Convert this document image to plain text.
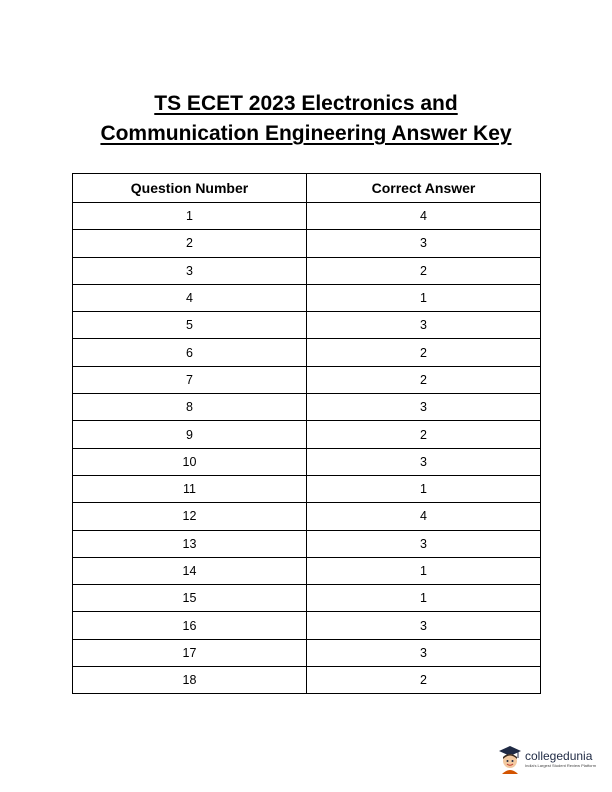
TS ECET 2023 Electronics and
Communication Engineering Answer Key
Question Number	Correct Answer
1	4
2	3
3	2
4	1
5	3
6	2
7	2
8	3
9	2
10	3
11	1
12	4
13	3
14	1
15	1
16	3
17	3
18	2
collegedunia
India's Largest Student Review Platform
